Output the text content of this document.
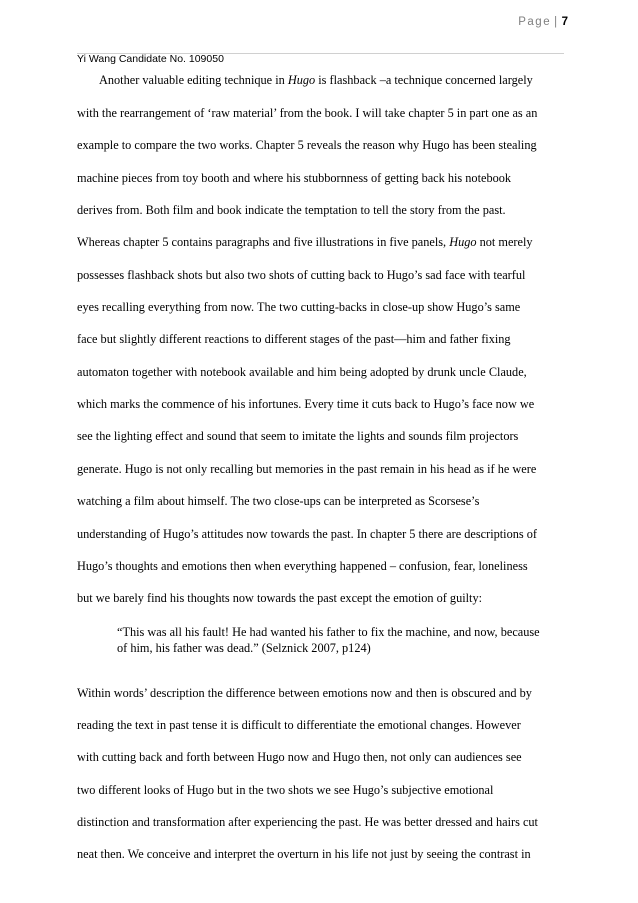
Page | 7
Yi Wang Candidate No. 109050
Another valuable editing technique in Hugo is flashback –a technique concerned largely
with the rearrangement of ‘raw material’ from the book. I will take chapter 5 in part one as an
example to compare the two works. Chapter 5 reveals the reason why Hugo has been stealing
machine pieces from toy booth and where his stubbornness of getting back his notebook
derives from. Both film and book indicate the temptation to tell the story from the past.
Whereas chapter 5 contains paragraphs and five illustrations in five panels, Hugo not merely
possesses flashback shots but also two shots of cutting back to Hugo’s sad face with tearful
eyes recalling everything from now. The two cutting-backs in close-up show Hugo’s same
face but slightly different reactions to different stages of the past—him and father fixing
automaton together with notebook available and him being adopted by drunk uncle Claude,
which marks the commence of his infortunes. Every time it cuts back to Hugo’s face now we
see the lighting effect and sound that seem to imitate the lights and sounds film projectors
generate. Hugo is not only recalling but memories in the past remain in his head as if he were
watching a film about himself. The two close-ups can be interpreted as Scorsese’s
understanding of Hugo’s attitudes now towards the past. In chapter 5 there are descriptions of
Hugo’s thoughts and emotions then when everything happened – confusion, fear, loneliness
but we barely find his thoughts now towards the past except the emotion of guilty:
“This was all his fault! He had wanted his father to fix the machine, and now, because
of him, his father was dead.” (Selznick 2007, p124)
Within words’ description the difference between emotions now and then is obscured and by
reading the text in past tense it is difficult to differentiate the emotional changes. However
with cutting back and forth between Hugo now and Hugo then, not only can audiences see
two different looks of Hugo but in the two shots we see Hugo’s subjective emotional
distinction and transformation after experiencing the past. He was better dressed and hairs cut
neat then. We conceive and interpret the overturn in his life not just by seeing the contrast in
